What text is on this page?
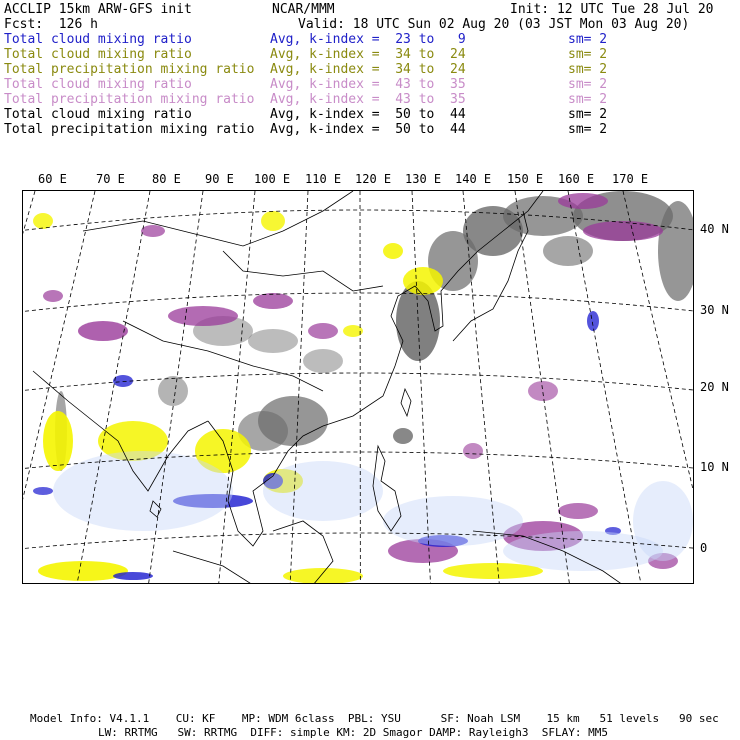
ACCLIP 15km ARW-GFS init	NCAR/MMM	Init: 12 UTC Tue 28 Jul 20
Fcst:  126 h	Valid: 18 UTC Sun 02 Aug 20 (03 JST Mon 03 Aug 20)
Total cloud mixing ratio	Avg, k-index =  23 to   9	sm= 2
Total cloud mixing ratio	Avg, k-index =  34 to  24	sm= 2
Total precipitation mixing ratio Avg, k-index =  34 to  24	sm= 2
Total cloud mixing ratio	Avg, k-index =  43 to  35	sm= 2
Total precipitation mixing ratio Avg, k-index =  43 to  35	sm= 2
Total cloud mixing ratio	Avg, k-index =  50 to  44	sm= 2
Total precipitation mixing ratio Avg, k-index =  50 to  44	sm= 2
60 E 70 E 80 E 90 E 100 E 110 E 120 E 130 E 140 E 150 E 160 E 170 E
40 N
30 N
20 N
10 N
0
Model Info: V4.1.1    CU: KF    MP: WDM 6class  PBL: YSU      SF: Noah LSM    15 km   51 levels   90 sec
LW: RRTMG   SW: RRTMG  DIFF: simple KM: 2D Smagor DAMP: Rayleigh3  SFLAY: MM5
